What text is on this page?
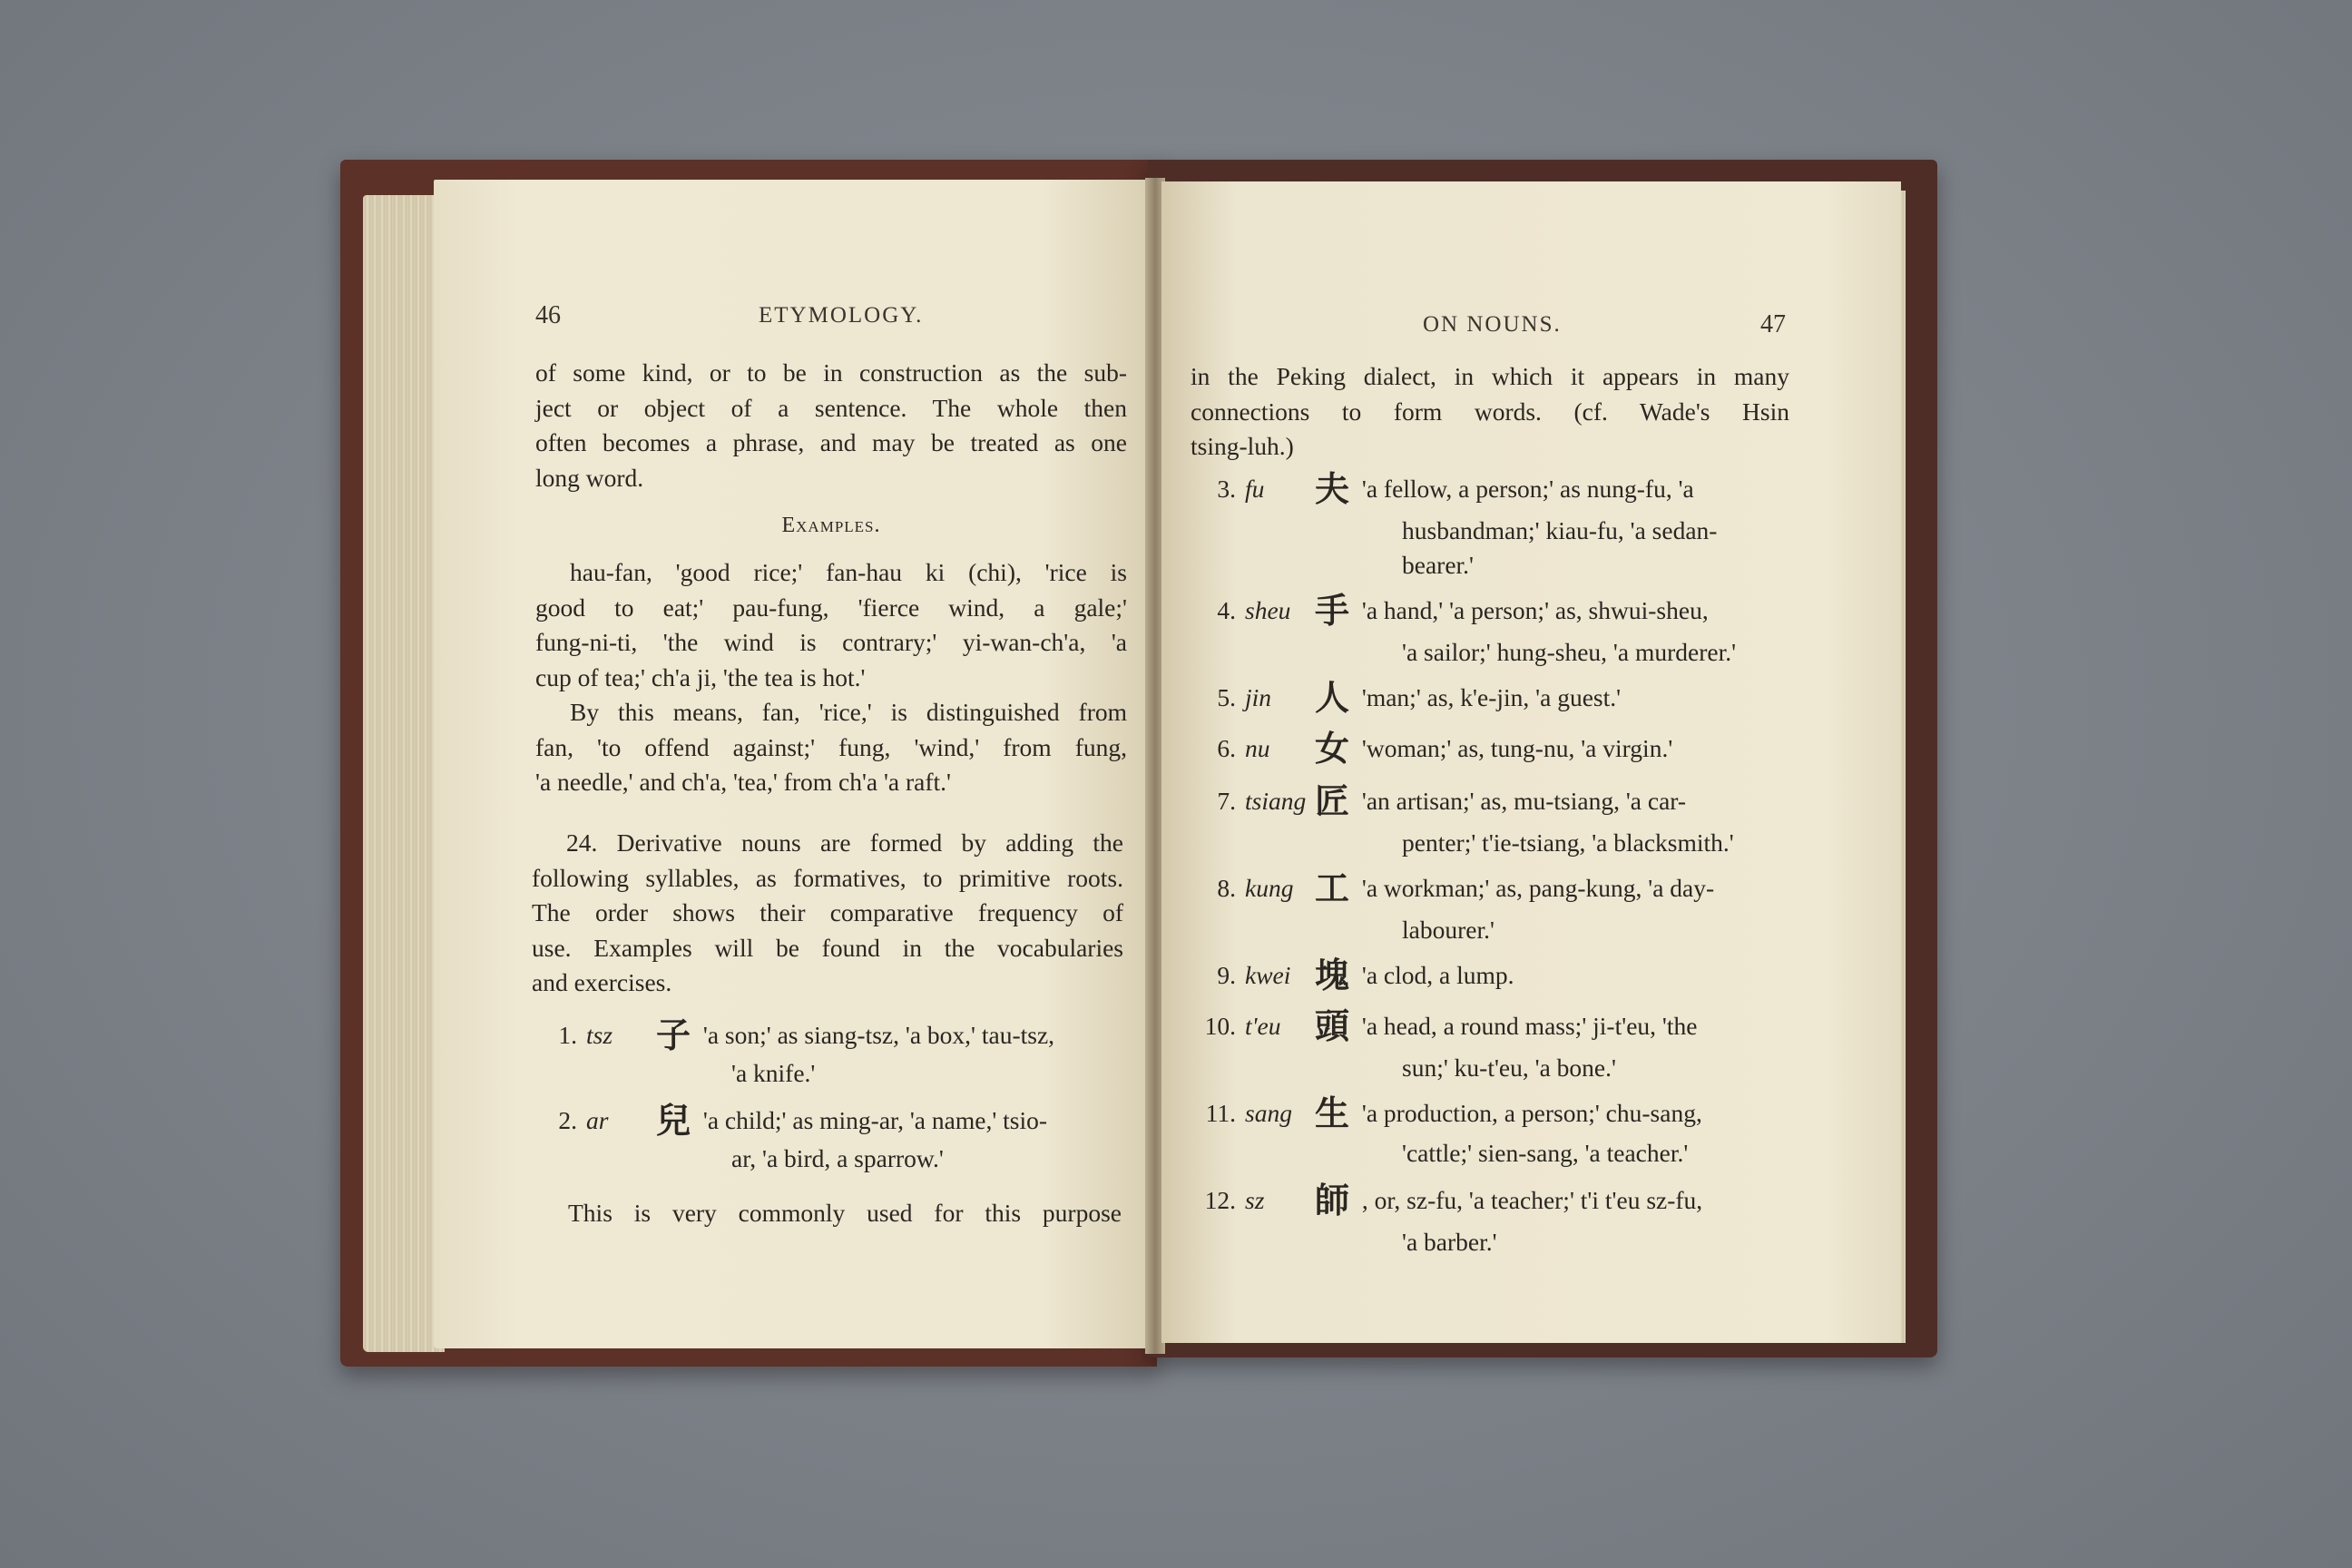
46	ETYMOLOGY.
of some kind, or to be in construction as the sub-
ject or object of a sentence. The whole then
often becomes a phrase, and may be treated as one
long word.
Examples.
hau-fan, 'good rice;' fan-hau ki (chi), 'rice is
good to eat;' pau-fung, 'fierce wind, a gale;'
fung-ni-ti, 'the wind is contrary;' yi-wan-ch'a, 'a
cup of tea;' ch'a ji, 'the tea is hot.'
By this means, fan, 'rice,' is distinguished from
fan, 'to offend against;' fung, 'wind,' from fung,
'a needle,' and ch'a, 'tea,' from ch'a 'a raft.'
24. Derivative nouns are formed by adding the
following syllables, as formatives, to primitive roots.
The order shows their comparative frequency of
use. Examples will be found in the vocabularies
and exercises.
1. tsz 子 'a son;' as siang-tsz, 'a box,' tau-tsz,
'a knife.'
2. ar 兒 'a child;' as ming-ar, 'a name,' tsio-
ar, 'a bird, a sparrow.'
This is very commonly used for this purpose
ON NOUNS.	47
in the Peking dialect, in which it appears in many
connections to form words. (cf. Wade's Hsin
tsing-luh.)
3. fu 夫 'a fellow, a person;' as nung-fu, 'a
husbandman;' kiau-fu, 'a sedan-
bearer.'
4. sheu 手 'a hand,' 'a person;' as, shwui-sheu,
'a sailor;' hung-sheu, 'a murderer.'
5. jin 人 'man;' as, k'e-jin, 'a guest.'
6. nu 女 'woman;' as, tung-nu, 'a virgin.'
7. tsiang 匠 'an artisan;' as, mu-tsiang, 'a car-
penter;' t'ie-tsiang, 'a blacksmith.'
8. kung 工 'a workman;' as, pang-kung, 'a day-
labourer.'
9. kwei 塊 'a clod, a lump.
10. t'eu 頭 'a head, a round mass;' ji-t'eu, 'the
sun;' ku-t'eu, 'a bone.'
11. sang 生 'a production, a person;' chu-sang,
'cattle;' sien-sang, 'a teacher.'
12. sz 師 , or, sz-fu, 'a teacher;' t'i t'eu sz-fu,
'a barber.'
